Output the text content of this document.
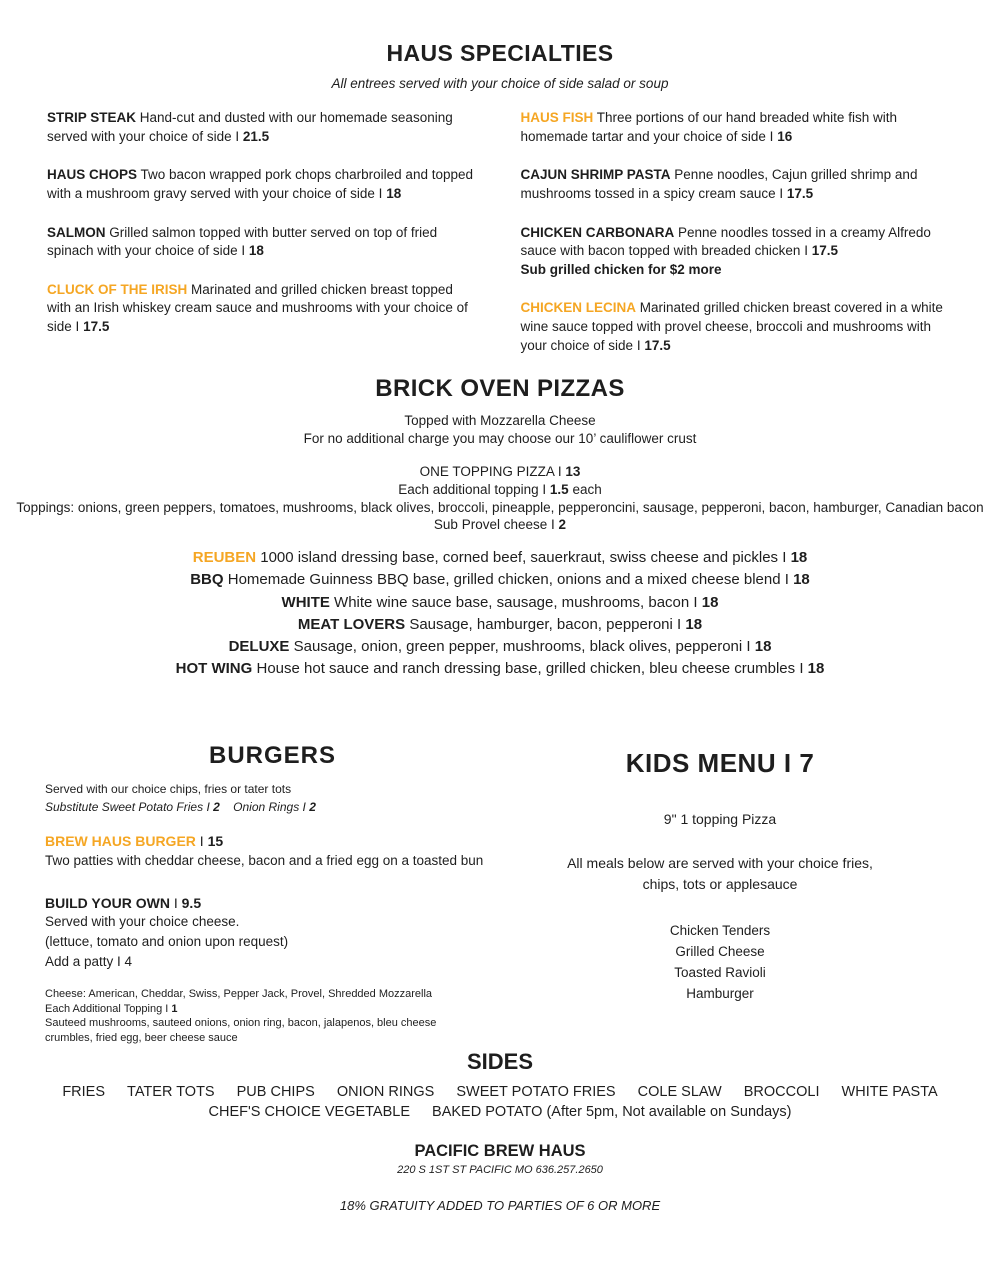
HAUS SPECIALTIES

All entrees served with your choice of side salad or soup

STRIP STEAK Hand-cut and dusted with our homemade seasoning served with your choice of side I 21.5

HAUS CHOPS Two bacon wrapped pork chops charbroiled and topped with a mushroom gravy served with your choice of side I 18

SALMON Grilled salmon topped with butter served on top of fried spinach with your choice of side I 18

CLUCK OF THE IRISH Marinated and grilled chicken breast topped with an Irish whiskey cream sauce and mushrooms with your choice of side I 17.5

HAUS FISH Three portions of our hand breaded white fish with homemade tartar and your choice of side I 16

CAJUN SHRIMP PASTA Penne noodles, Cajun grilled shrimp and mushrooms tossed in a spicy cream sauce I 17.5

CHICKEN CARBONARA Penne noodles tossed in a creamy Alfredo sauce with bacon topped with breaded chicken I 17.5
Sub grilled chicken for $2 more

CHICKEN LECINA Marinated grilled chicken breast covered in a white wine sauce topped with provel cheese, broccoli and mushrooms with your choice of side I 17.5

BRICK OVEN PIZZAS

Topped with Mozzarella Cheese

For no additional charge you may choose our 10’ cauliflower crust

ONE TOPPING PIZZA I 13

Each additional topping I 1.5 each

Toppings: onions, green peppers, tomatoes, mushrooms, black olives, broccoli, pineapple, pepperoncini, sausage, pepperoni, bacon, hamburger, Canadian bacon

Sub Provel cheese I 2

REUBEN 1000 island dressing base, corned beef, sauerkraut, swiss cheese and pickles I 18

BBQ Homemade Guinness BBQ base, grilled chicken, onions and a mixed cheese blend I 18

WHITE White wine sauce base, sausage, mushrooms, bacon I 18

MEAT LOVERS Sausage, hamburger, bacon, pepperoni I 18

DELUXE Sausage, onion, green pepper, mushrooms, black olives, pepperoni I 18

HOT WING House hot sauce and ranch dressing base, grilled chicken, bleu cheese crumbles I 18

BURGERS

Served with our choice chips, fries or tater tots

Substitute Sweet Potato Fries I 2 Onion Rings I 2

BREW HAUS BURGER I 15

Two patties with cheddar cheese, bacon and a fried egg on a toasted bun

BUILD YOUR OWN I 9.5

Served with your choice cheese.

(lettuce, tomato and onion upon request)

Add a patty I 4

Cheese: American, Cheddar, Swiss, Pepper Jack, Provel, Shredded Mozzarella

Each Additional Topping I 1

Sauteed mushrooms, sauteed onions, onion ring, bacon, jalapenos, bleu cheese crumbles, fried egg, beer cheese sauce

KIDS MENU I 7

9" 1 topping Pizza

All meals below are served with your choice fries, chips, tots or applesauce

Chicken Tenders

Grilled Cheese

Toasted Ravioli

Hamburger

SIDES

FRIES TATER TOTS PUB CHIPS ONION RINGS SWEET POTATO FRIES COLE SLAW BROCCOLI WHITE PASTA

CHEF'S CHOICE VEGETABLE BAKED POTATO (After 5pm, Not available on Sundays)

PACIFIC BREW HAUS

220 S 1ST ST PACIFIC MO 636.257.2650

18% GRATUITY ADDED TO PARTIES OF 6 OR MORE
